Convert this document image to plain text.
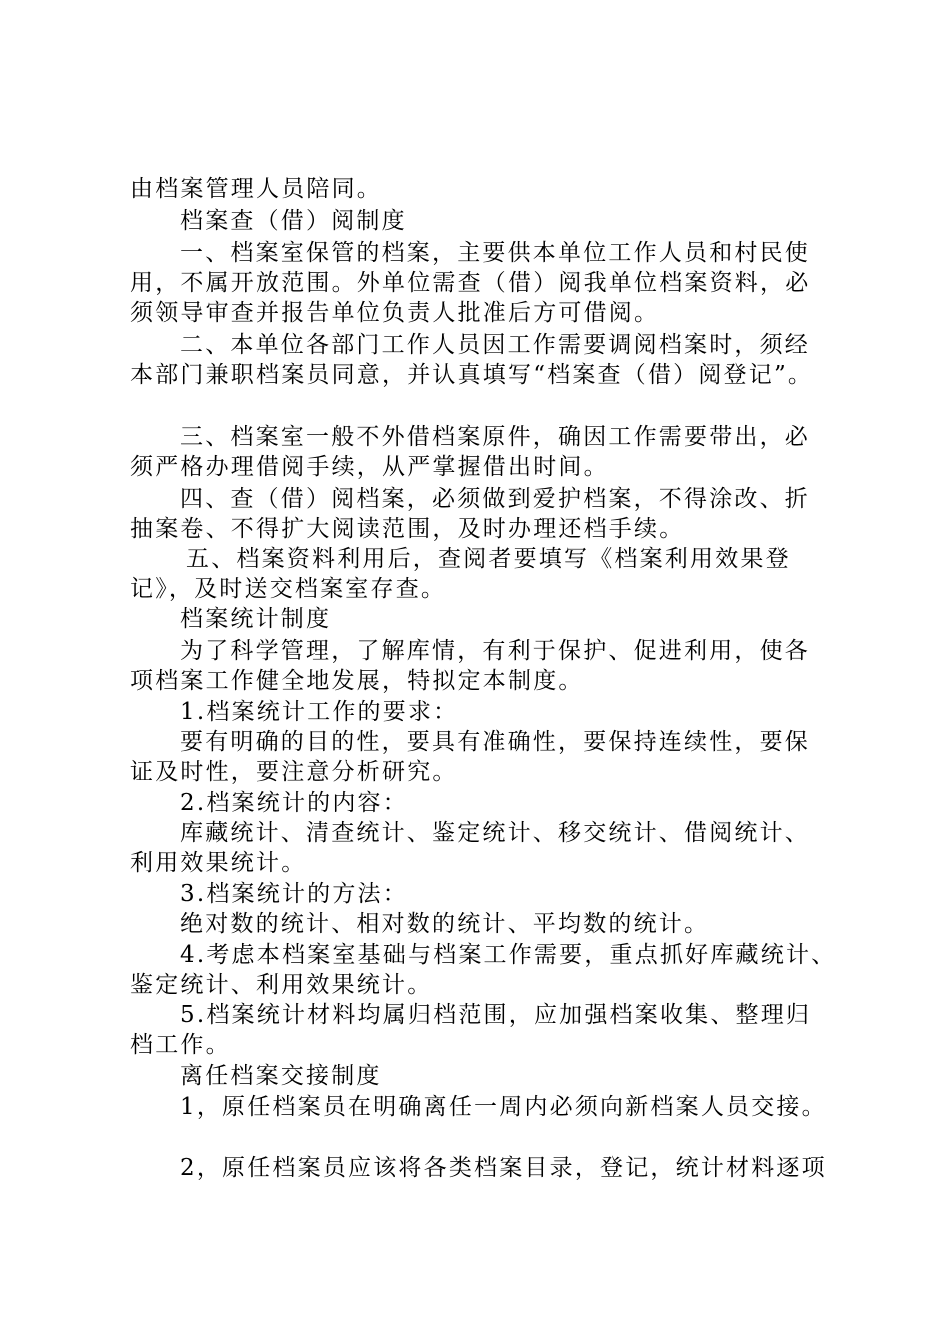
由档案管理人员陪同。
档案查（借）阅制度
一、档案室保管的档案，主要供本单位工作人员和村民使
用，不属开放范围。外单位需查（借）阅我单位档案资料，必
须领导审查并报告单位负责人批准后方可借阅。
二、本单位各部门工作人员因工作需要调阅档案时，须经
本部门兼职档案员同意，并认真填写“档案查（借）阅登记”。
三、档案室一般不外借档案原件，确因工作需要带出，必
须严格办理借阅手续，从严掌握借出时间。
四、查（借）阅档案，必须做到爱护档案，不得涂改、折
抽案卷、不得扩大阅读范围，及时办理还档手续。
五、档案资料利用后，查阅者要填写《档案利用效果登
记》，及时送交档案室存查。
档案统计制度
为了科学管理，了解库情，有利于保护、促进利用，使各
项档案工作健全地发展，特拟定本制度。
1.档案统计工作的要求：
要有明确的目的性，要具有准确性，要保持连续性，要保
证及时性，要注意分析研究。
2.档案统计的内容：
库藏统计、清查统计、鉴定统计、移交统计、借阅统计、
利用效果统计。
3.档案统计的方法：
绝对数的统计、相对数的统计、平均数的统计。
4.考虑本档案室基础与档案工作需要，重点抓好库藏统计、
鉴定统计、利用效果统计。
5.档案统计材料均属归档范围，应加强档案收集、整理归
档工作。
离任档案交接制度
1，原任档案员在明确离任一周内必须向新档案人员交接。
2，原任档案员应该将各类档案目录，登记，统计材料逐项
